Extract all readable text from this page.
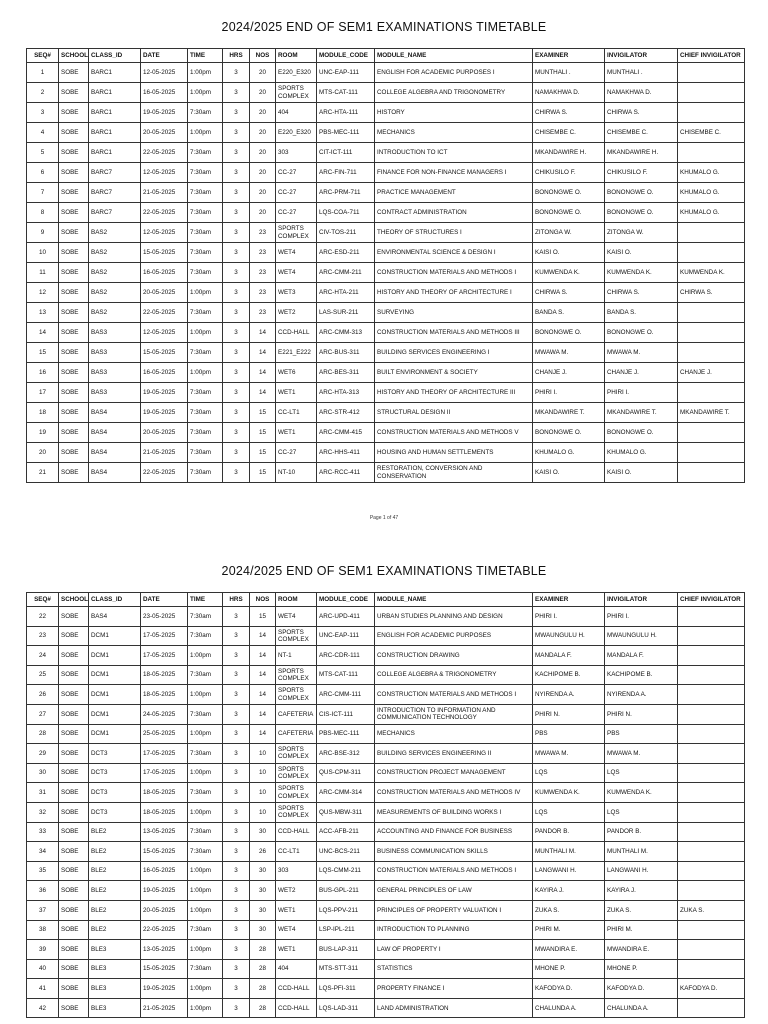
2024/2025 END OF SEM1 EXAMINATIONS TIMETABLE
SEQ#	SCHOOL	CLASS_ID	DATE	TIME	HRS	NOS	ROOM	MODULE_CODE	MODULE_NAME	EXAMINER	INVIGILATOR	CHIEF INVIGILATOR
1	SOBE	BARC1	12-05-2025	1:00pm	3	20	E220_E320	UNC-EAP-111	ENGLISH FOR ACADEMIC PURPOSES I	MUNTHALI .	MUNTHALI .	
2	SOBE	BARC1	16-05-2025	1:00pm	3	20	SPORTS COMPLEX	MTS-CAT-111	COLLEGE ALGEBRA AND TRIGONOMETRY	NAMAKHWA D.	NAMAKHWA D.	
3	SOBE	BARC1	19-05-2025	7:30am	3	20	404	ARC-HTA-111	HISTORY	CHIRWA S.	CHIRWA S.	
4	SOBE	BARC1	20-05-2025	1:00pm	3	20	E220_E320	PBS-MEC-111	MECHANICS	CHISEMBE C.	CHISEMBE C.	CHISEMBE C.
5	SOBE	BARC1	22-05-2025	7:30am	3	20	303	CIT-ICT-111	INTRODUCTION TO ICT	MKANDAWIRE H.	MKANDAWIRE H.	
6	SOBE	BARC7	12-05-2025	7:30am	3	20	CC-27	ARC-FIN-711	FINANCE FOR NON-FINANCE MANAGERS I	CHIKUSILO F.	CHIKUSILO F.	KHUMALO G.
7	SOBE	BARC7	21-05-2025	7:30am	3	20	CC-27	ARC-PRM-711	PRACTICE MANAGEMENT	BONONGWE O.	BONONGWE O.	KHUMALO G.
8	SOBE	BARC7	22-05-2025	7:30am	3	20	CC-27	LQS-COA-711	CONTRACT ADMINISTRATION	BONONGWE O.	BONONGWE O.	KHUMALO G.
9	SOBE	BAS2	12-05-2025	7:30am	3	23	SPORTS COMPLEX	CIV-TOS-211	THEORY OF STRUCTURES I	ZITONGA W.	ZITONGA W.	
10	SOBE	BAS2	15-05-2025	7:30am	3	23	WET4	ARC-ESD-211	ENVIRONMENTAL SCIENCE & DESIGN I	KAISI O.	KAISI O.	
11	SOBE	BAS2	16-05-2025	7:30am	3	23	WET4	ARC-CMM-211	CONSTRUCTION MATERIALS AND METHODS I	KUMWENDA K.	KUMWENDA K.	KUMWENDA K.
12	SOBE	BAS2	20-05-2025	1:00pm	3	23	WET3	ARC-HTA-211	HISTORY AND THEORY OF ARCHITECTURE I	CHIRWA S.	CHIRWA S.	CHIRWA S.
13	SOBE	BAS2	22-05-2025	7:30am	3	23	WET2	LAS-SUR-211	SURVEYING	BANDA S.	BANDA S.	
14	SOBE	BAS3	12-05-2025	1:00pm	3	14	CCD-HALL	ARC-CMM-313	CONSTRUCTION MATERIALS AND METHODS III	BONONGWE O.	BONONGWE O.	
15	SOBE	BAS3	15-05-2025	7:30am	3	14	E221_E222	ARC-BUS-311	BUILDING SERVICES ENGINEERING I	MWAWA M.	MWAWA M.	
16	SOBE	BAS3	16-05-2025	1:00pm	3	14	WET6	ARC-BES-311	BUILT ENVIRONMENT & SOCIETY	CHANJE J.	CHANJE J.	CHANJE J.
17	SOBE	BAS3	19-05-2025	7:30am	3	14	WET1	ARC-HTA-313	HISTORY AND THEORY OF ARCHITECTURE III	PHIRI I.	PHIRI I.	
18	SOBE	BAS4	19-05-2025	7:30am	3	15	CC-LT1	ARC-STR-412	STRUCTURAL DESIGN II	MKANDAWIRE T.	MKANDAWIRE T.	MKANDAWIRE T.
19	SOBE	BAS4	20-05-2025	7:30am	3	15	WET1	ARC-CMM-415	CONSTRUCTION MATERIALS AND METHODS V	BONONGWE O.	BONONGWE O.	
20	SOBE	BAS4	21-05-2025	7:30am	3	15	CC-27	ARC-HHS-411	HOUSING AND HUMAN SETTLEMENTS	KHUMALO G.	KHUMALO G.	
21	SOBE	BAS4	22-05-2025	7:30am	3	15	NT-10	ARC-RCC-411	RESTORATION, CONVERSION AND CONSERVATION	KAISI O.	KAISI O.	
Page 1 of 47
2024/2025 END OF SEM1 EXAMINATIONS TIMETABLE
SEQ#	SCHOOL	CLASS_ID	DATE	TIME	HRS	NOS	ROOM	MODULE_CODE	MODULE_NAME	EXAMINER	INVIGILATOR	CHIEF INVIGILATOR
22	SOBE	BAS4	23-05-2025	7:30am	3	15	WET4	ARC-UPD-411	URBAN STUDIES PLANNING AND DESIGN	PHIRI I.	PHIRI I.	
23	SOBE	DCM1	17-05-2025	7:30am	3	14	SPORTS COMPLEX	UNC-EAP-111	ENGLISH FOR ACADEMIC PURPOSES	MWAUNGULU H.	MWAUNGULU H.	
24	SOBE	DCM1	17-05-2025	1:00pm	3	14	NT-1	ARC-CDR-111	CONSTRUCTION DRAWING	MANDALA F.	MANDALA F.	
25	SOBE	DCM1	18-05-2025	7:30am	3	14	SPORTS COMPLEX	MTS-CAT-111	COLLEGE ALGEBRA & TRIGONOMETRY	KACHIPOME B.	KACHIPOME B.	
26	SOBE	DCM1	18-05-2025	1:00pm	3	14	SPORTS COMPLEX	ARC-CMM-111	CONSTRUCTION MATERIALS AND METHODS I	NYIRENDA A.	NYIRENDA A.	
27	SOBE	DCM1	24-05-2025	7:30am	3	14	CAFETERIA	CIS-ICT-111	INTRODUCTION TO INFORMATION AND COMMUNICATION TECHNOLOGY	PHIRI N.	PHIRI N.	
28	SOBE	DCM1	25-05-2025	1:00pm	3	14	CAFETERIA	PBS-MEC-111	MECHANICS	PBS	PBS	
29	SOBE	DCT3	17-05-2025	7:30am	3	10	SPORTS COMPLEX	ARC-BSE-312	BUILDING SERVICES ENGINEERING II	MWAWA M.	MWAWA M.	
30	SOBE	DCT3	17-05-2025	1:00pm	3	10	SPORTS COMPLEX	QUS-CPM-311	CONSTRUCTION PROJECT MANAGEMENT	LQS	LQS	
31	SOBE	DCT3	18-05-2025	7:30am	3	10	SPORTS COMPLEX	ARC-CMM-314	CONSTRUCTION MATERIALS AND METHODS IV	KUMWENDA K.	KUMWENDA K.	
32	SOBE	DCT3	18-05-2025	1:00pm	3	10	SPORTS COMPLEX	QUS-MBW-311	MEASUREMENTS OF BUILDING WORKS I	LQS	LQS	
33	SOBE	BLE2	13-05-2025	7:30am	3	30	CCD-HALL	ACC-AFB-211	ACCOUNTING AND FINANCE FOR BUSINESS	PANDOR B.	PANDOR B.	
34	SOBE	BLE2	15-05-2025	7:30am	3	26	CC-LT1	UNC-BCS-211	BUSINESS COMMUNICATION SKILLS	MUNTHALI M.	MUNTHALI M.	
35	SOBE	BLE2	16-05-2025	1:00pm	3	30	303	LQS-CMM-211	CONSTRUCTION MATERIALS AND METHODS I	LANGWANI H.	LANGWANI H.	
36	SOBE	BLE2	19-05-2025	1:00pm	3	30	WET2	BUS-GPL-211	GENERAL PRINCIPLES OF LAW	KAYIRA J.	KAYIRA J.	
37	SOBE	BLE2	20-05-2025	1:00pm	3	30	WET1	LQS-PPV-211	PRINCIPLES OF PROPERTY VALUATION I	ZUKA S.	ZUKA S.	ZUKA S.
38	SOBE	BLE2	22-05-2025	7:30am	3	30	WET4	LSP-IPL-211	INTRODUCTION TO PLANNING	PHIRI M.	PHIRI M.	
39	SOBE	BLE3	13-05-2025	1:00pm	3	28	WET1	BUS-LAP-311	LAW OF PROPERTY I	MWANDIRA E.	MWANDIRA E.	
40	SOBE	BLE3	15-05-2025	7:30am	3	28	404	MTS-STT-311	STATISTICS	MHONE P.	MHONE P.	
41	SOBE	BLE3	19-05-2025	1:00pm	3	28	CCD-HALL	LQS-PFI-311	PROPERTY FINANCE I	KAFODYA D.	KAFODYA D.	KAFODYA D.
42	SOBE	BLE3	21-05-2025	1:00pm	3	28	CCD-HALL	LQS-LAD-311	LAND ADMINISTRATION	CHALUNDA A.	CHALUNDA A.	
